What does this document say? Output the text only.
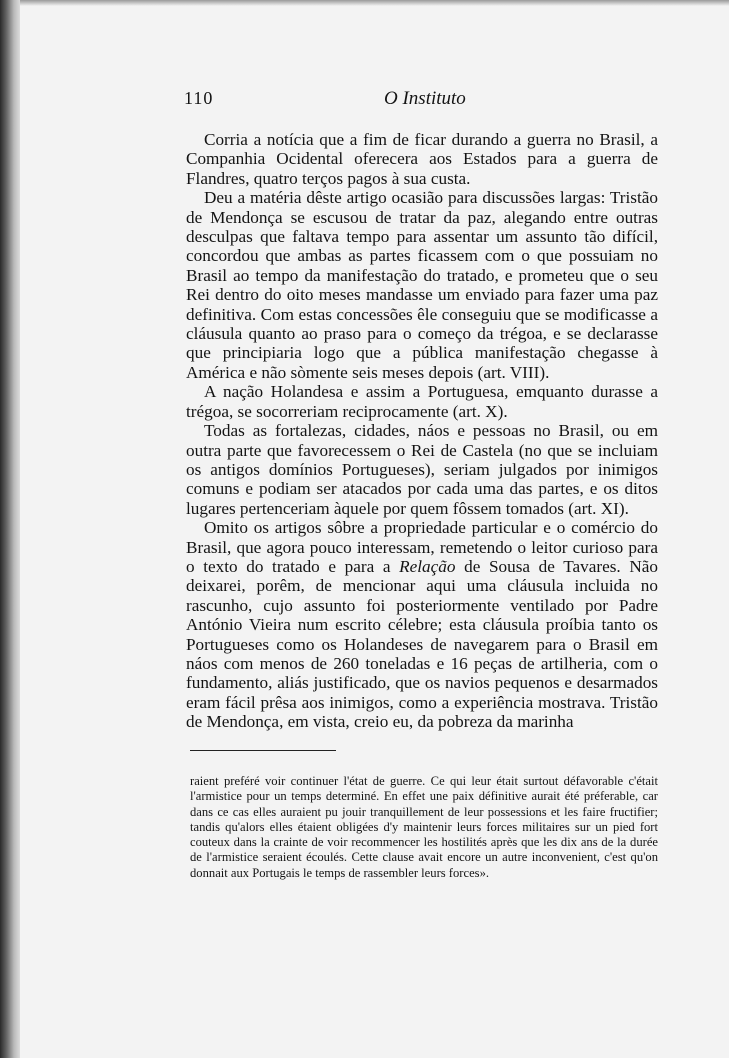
110	O Instituto

Corria a notícia que a fim de ficar durando a guerra no Brasil, a Companhia Ocidental oferecera aos Estados para a guerra de Flandres, quatro terços pagos à sua custa.

Deu a matéria dêste artigo ocasião para discussões largas: Tristão de Mendonça se escusou de tratar da paz, alegando entre outras desculpas que faltava tempo para assentar um assunto tão difícil, concordou que ambas as partes ficassem com o que possuiam no Brasil ao tempo da manifestação do tratado, e prometeu que o seu Rei dentro do oito meses mandasse um enviado para fazer uma paz definitiva. Com estas concessões êle conseguiu que se modificasse a cláusula quanto ao praso para o começo da trégoa, e se declarasse que principiaria logo que a pública manifestação chegasse à América e não sòmente seis meses depois (art. VIII).

A nação Holandesa e assim a Portuguesa, emquanto durasse a trégoa, se socorreriam reciprocamente (art. X).

Todas as fortalezas, cidades, náos e pessoas no Brasil, ou em outra parte que favorecessem o Rei de Castela (no que se incluiam os antigos domínios Portugueses), seriam julgados por inimigos comuns e podiam ser atacados por cada uma das partes, e os ditos lugares pertenceriam àquele por quem fôssem tomados (art. XI).

Omito os artigos sôbre a propriedade particular e o comércio do Brasil, que agora pouco interessam, remetendo o leitor curioso para o texto do tratado e para a Relação de Sousa de Tavares. Não deixarei, porêm, de mencionar aqui uma cláusula incluida no rascunho, cujo assunto foi posteriormente ventilado por Padre António Vieira num escrito célebre; esta cláusula proíbia tanto os Portugueses como os Holandeses de navegarem para o Brasil em náos com menos de 260 toneladas e 16 peças de artilheria, com o fundamento, aliás justificado, que os navios pequenos e desarmados eram fácil prêsa aos inimigos, como a experiência mostrava. Tristão de Mendonça, em vista, creio eu, da pobreza da marinha

raient preféré voir continuer l'état de guerre. Ce qui leur était surtout défavorable c'était l'armistice pour un temps determiné. En effet une paix définitive aurait été préferable, car dans ce cas elles auraient pu jouir tranquillement de leur possessions et les faire fructifier; tandis qu'alors elles étaient obligées d'y maintenir leurs forces militaires sur un pied fort couteux dans la crainte de voir recommencer les hostilités après que les dix ans de la durée de l'armistice seraient écoulés. Cette clause avait encore un autre inconvenient, c'est qu'on donnait aux Portugais le temps de rassembler leurs forces».
